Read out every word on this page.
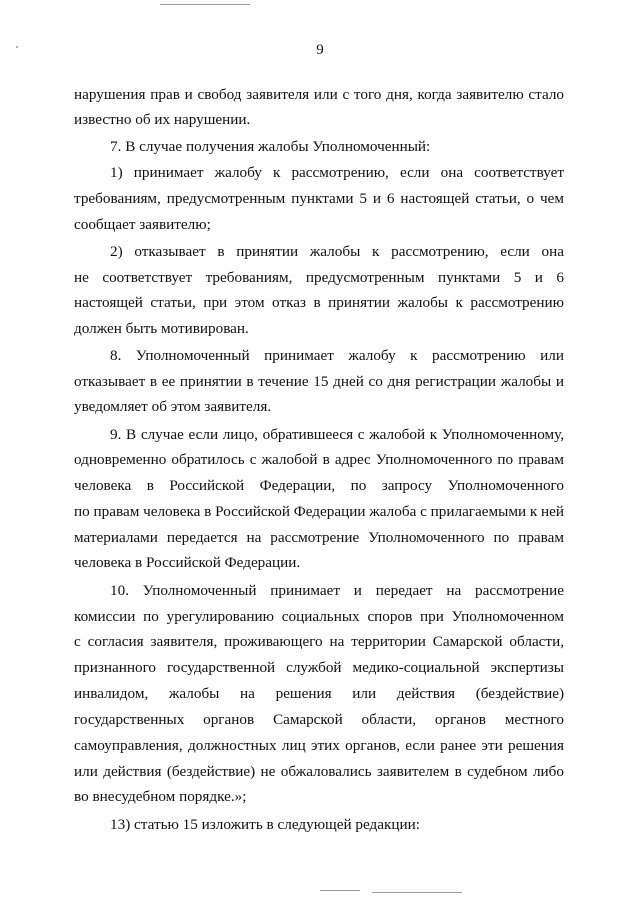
9
нарушения прав и свобод заявителя или с того дня, когда заявителю стало
известно об их нарушении.
7. В случае получения жалобы Уполномоченный:
1) принимает жалобу к рассмотрению, если она соответствует
требованиям, предусмотренным пунктами 5 и 6 настоящей статьи, о чем
сообщает заявителю;
2) отказывает в принятии жалобы к рассмотрению, если она
не соответствует требованиям, предусмотренным пунктами 5 и 6
настоящей статьи, при этом отказ в принятии жалобы к рассмотрению
должен быть мотивирован.
8. Уполномоченный принимает жалобу к рассмотрению или
отказывает в ее принятии в течение 15 дней со дня регистрации жалобы и
уведомляет об этом заявителя.
9. В случае если лицо, обратившееся с жалобой к Уполномоченному,
одновременно обратилось с жалобой в адрес Уполномоченного по правам
человека в Российской Федерации, по запросу Уполномоченного
по правам человека в Российской Федерации жалоба с прилагаемыми к ней
материалами передается на рассмотрение Уполномоченного по правам
человека в Российской Федерации.
10. Уполномоченный принимает и передает на рассмотрение
комиссии по урегулированию социальных споров при Уполномоченном
с согласия заявителя, проживающего на территории Самарской области,
признанного государственной службой медико-социальной экспертизы
инвалидом, жалобы на решения или действия (бездействие)
государственных органов Самарской области, органов местного
самоуправления, должностных лиц этих органов, если ранее эти решения
или действия (бездействие) не обжаловались заявителем в судебном либо
во внесудебном порядке.»;
13) статью 15 изложить в следующей редакции:
